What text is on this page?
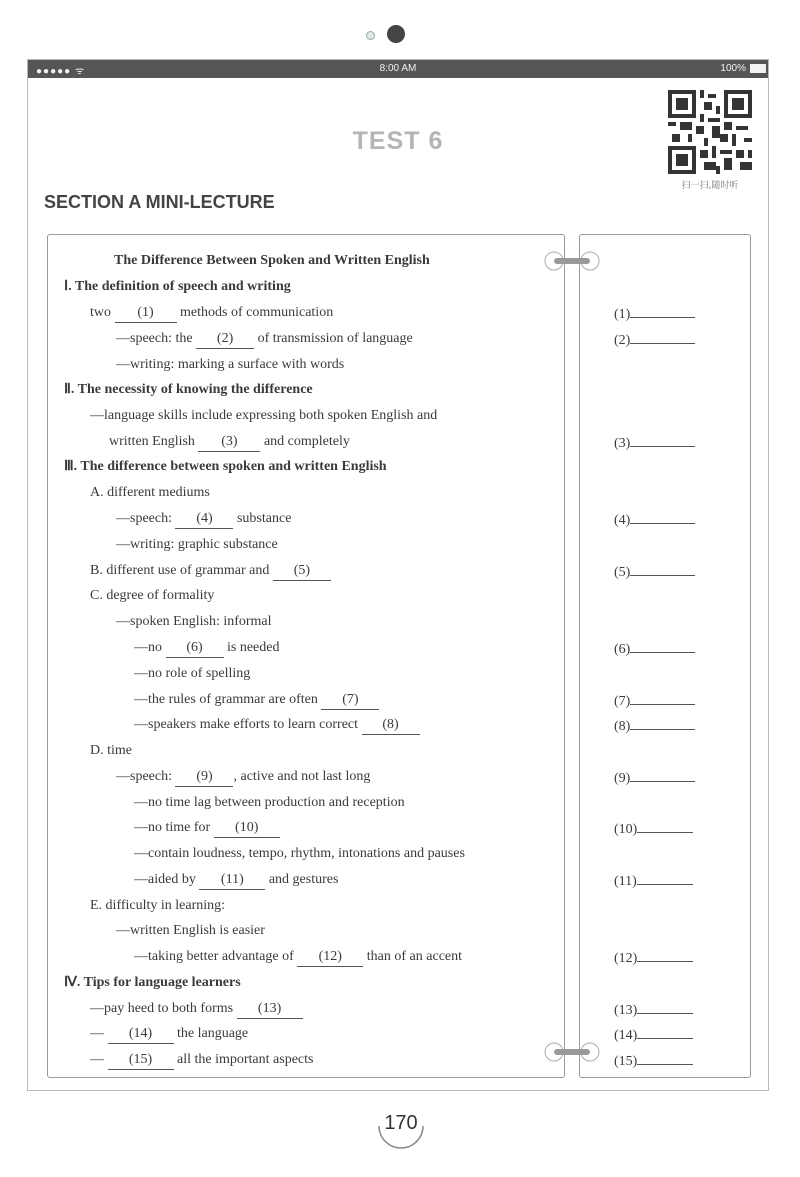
●●●●● ᯤ	8:00 AM	100%
TEST 6
扫一扫,随时听
SECTION A MINI-LECTURE
The Difference Between Spoken and Written English
Ⅰ. The definition of speech and writing
two (1) methods of communication
—speech: the (2) of transmission of language
—writing: marking a surface with words
Ⅱ. The necessity of knowing the difference
—language skills include expressing both spoken English and
written English (3) and completely
Ⅲ. The difference between spoken and written English
A. different mediums
—speech: (4) substance
—writing: graphic substance
B. different use of grammar and (5)
C. degree of formality
—spoken English: informal
—no (6) is needed
—no role of spelling
—the rules of grammar are often (7)
—speakers make efforts to learn correct (8)
D. time
—speech: (9) , active and not last long
—no time lag between production and reception
—no time for (10)
—contain loudness, tempo, rhythm, intonations and pauses
—aided by (11) and gestures
E. difficulty in learning:
—written English is easier
—taking better advantage of (12) than of an accent
Ⅳ. Tips for language learners
—pay heed to both forms (13)
— (14) the language
— (15) all the important aspects
(1)
(2)
(3)
(4)
(5)
(6)
(7)
(8)
(9)
(10)
(11)
(12)
(13)
(14)
(15)
170
